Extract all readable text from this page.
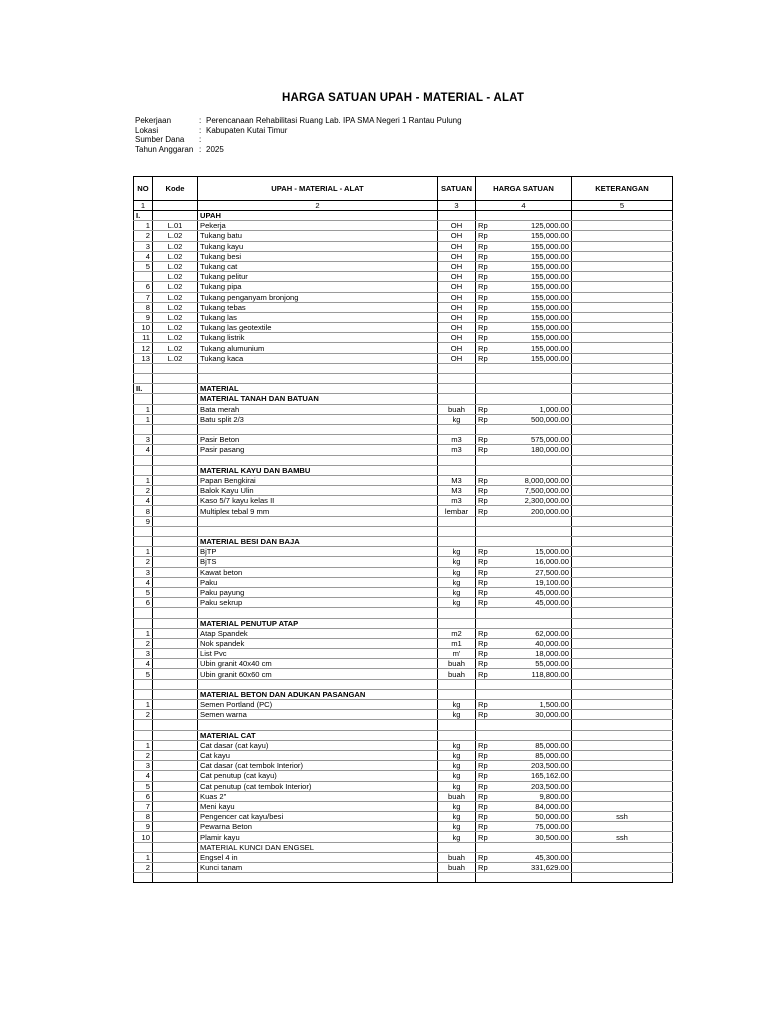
HARGA SATUAN UPAH - MATERIAL - ALAT
Pekerjaan	: Perencanaan Rehabilitasi Ruang Lab. IPA SMA Negeri 1 Rantau Pulung
Lokasi	: Kabupaten Kutai Timur
Sumber Dana	:
Tahun Anggaran : 2025
NO	Kode	UPAH - MATERIAL - ALAT	SATUAN	HARGA SATUAN	KETERANGAN
1		2	3	4	5
I.		UPAH			
1	L.01	Pekerja	OH	Rp 125,000.00	

2	L.02	Tukang batu	OH	Rp 155,000.00	

3	L.02	Tukang kayu	OH	Rp 155,000.00	

4	L.02	Tukang besi	OH	Rp 155,000.00	

5	L.02	Tukang cat	OH	Rp 155,000.00	

	L.02	Tukang pelitur	OH	Rp 155,000.00	

6	L.02	Tukang pipa	OH	Rp 155,000.00	

7	L.02	Tukang penganyam bronjong	OH	Rp 155,000.00	

8	L.02	Tukang tebas	OH	Rp 155,000.00	

9	L.02	Tukang las	OH	Rp 155,000.00	

10	L.02	Tukang las geotextile	OH	Rp 155,000.00	

11	L.02	Tukang listrik	OH	Rp 155,000.00	

12	L.02	Tukang alumunium	OH	Rp 155,000.00	

13	L.02	Tukang kaca	OH	Rp 155,000.00	

II.		MATERIAL			
		MATERIAL TANAH DAN BATUAN			
1		Bata merah	buah	Rp 1,000.00	

1		Batu split 2/3	kg	Rp 500,000.00	

3		Pasir Beton	m3	Rp 575,000.00	

4		Pasir pasang	m3	Rp 180,000.00	

		MATERIAL KAYU DAN BAMBU			
1		Papan Bengkirai	M3	Rp 8,000,000.00	

2		Balok Kayu Ulin	M3	Rp 7,500,000.00	

4		Kaso 5/7 kayu kelas II	m3	Rp 2,300,000.00	

8		Multipleк tebal 9 mm	lembar	Rp 200,000.00	

9				

		MATERIAL BESI DAN BAJA			
1		BjTP	kg	Rp 15,000.00	

2		BjTS	kg	Rp 16,000.00	

3		Kawat beton	kg	Rp 27,500.00	

4		Paku	kg	Rp 19,100.00	

5		Paku payung	kg	Rp 45,000.00	

6		Paku sekrup	kg	Rp 45,000.00	

		MATERIAL PENUTUP ATAP			
1		Atap Spandek	m2	Rp 62,000.00	

2		Nok spandek	m1	Rp 40,000.00	

3		List Pvc	m'	Rp 18,000.00	

4		Ubin granit 40x40 cm	buah	Rp 55,000.00	

5		Ubin granit 60x60 cm	buah	Rp 118,800.00	

		MATERIAL BETON DAN ADUKAN PASANGAN			
1		Semen Portland (PC)	kg	Rp 1,500.00	

2		Semen warna	kg	Rp 30,000.00	

		MATERIAL CAT			
1		Cat dasar (cat kayu)	kg	Rp 85,000.00	

2		Cat kayu	kg	Rp 85,000.00	

3		Cat dasar (cat tembok Interior)	kg	Rp 203,500.00	

4		Cat penutup (cat kayu)	kg	Rp 165,162.00	

5		Cat penutup (cat tembok Interior)	kg	Rp 203,500.00	

6		Kuas 2"	buah	Rp 9,800.00	

7		Meni kayu	kg	Rp 84,000.00	

8		Pengencer cat kayu/besi	kg	Rp 50,000.00	ssh
9		Pewarna Beton	kg	Rp 75,000.00	

10		Plamir kayu	kg	Rp 30,500.00	ssh
		MATERIAL KUNCI DAN ENGSEL			
1		Engsel 4 in	buah	Rp 45,300.00	

2		Kunci tanam	buah	Rp 331,629.00	
